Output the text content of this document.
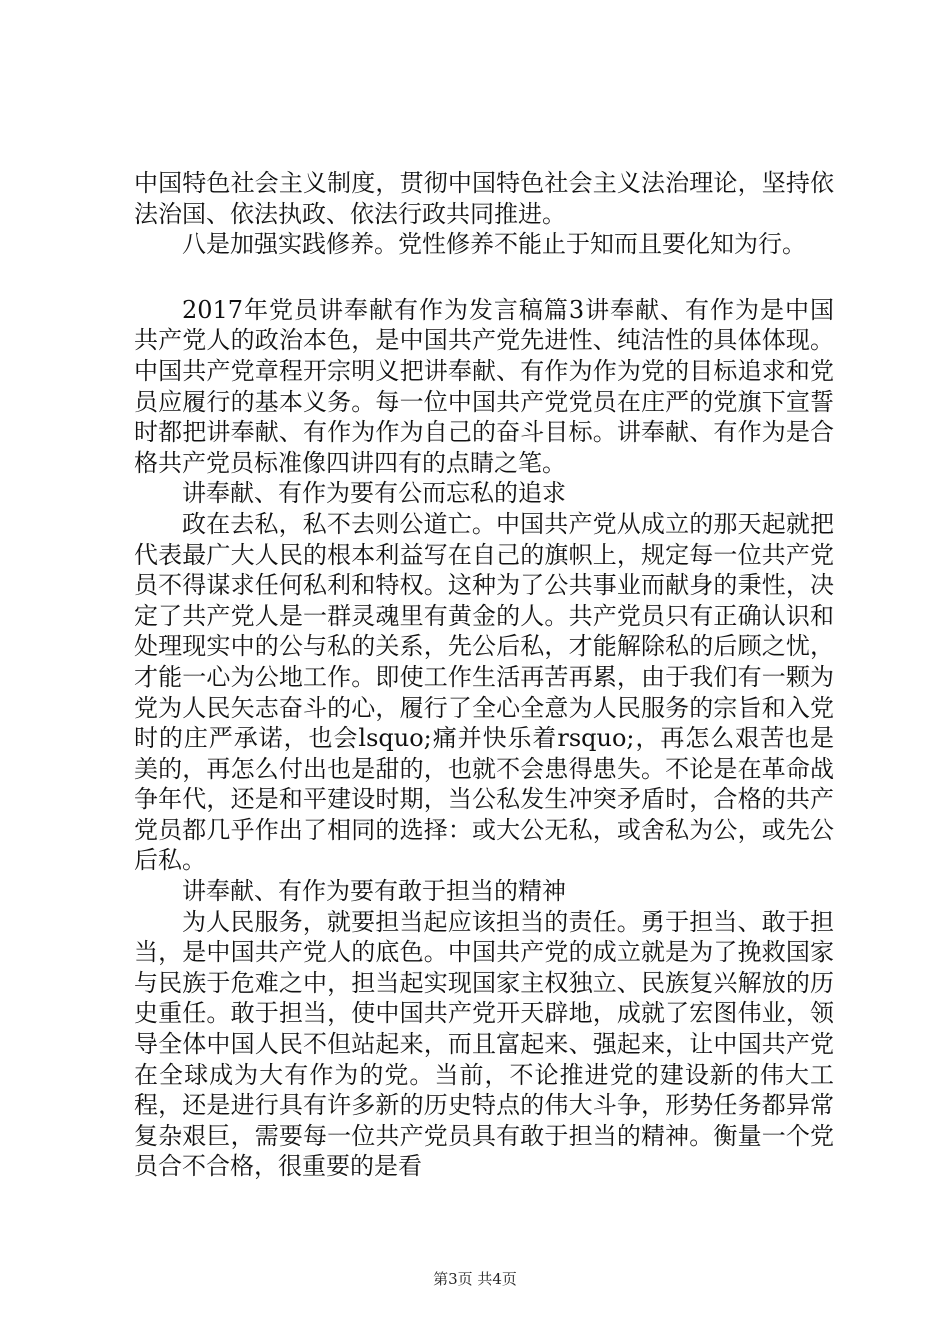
中国特色社会主义制度，贯彻中国特色社会主义法治理论，坚持依法治国、依法执政、依法行政共同推进。

八是加强实践修养。党性修养不能止于知而且要化知为行。

2017年党员讲奉献有作为发言稿篇3讲奉献、有作为是中国共产党人的政治本色，是中国共产党先进性、纯洁性的具体体现。中国共产党章程开宗明义把讲奉献、有作为作为党的目标追求和党员应履行的基本义务。每一位中国共产党党员在庄严的党旗下宣誓时都把讲奉献、有作为作为自己的奋斗目标。讲奉献、有作为是合格共产党员标准像四讲四有的点睛之笔。

讲奉献、有作为要有公而忘私的追求

政在去私，私不去则公道亡。中国共产党从成立的那天起就把代表最广大人民的根本利益写在自己的旗帜上，规定每一位共产党员不得谋求任何私利和特权。这种为了公共事业而献身的秉性，决定了共产党人是一群灵魂里有黄金的人。共产党员只有正确认识和处理现实中的公与私的关系，先公后私，才能解除私的后顾之忧，才能一心为公地工作。即使工作生活再苦再累，由于我们有一颗为党为人民矢志奋斗的心，履行了全心全意为人民服务的宗旨和入党时的庄严承诺，也会lsquo;痛并快乐着rsquo;，再怎么艰苦也是美的，再怎么付出也是甜的，也就不会患得患失。不论是在革命战争年代，还是和平建设时期，当公私发生冲突矛盾时，合格的共产党员都几乎作出了相同的选择：或大公无私，或舍私为公，或先公后私。

讲奉献、有作为要有敢于担当的精神

为人民服务，就要担当起应该担当的责任。勇于担当、敢于担当，是中国共产党人的底色。中国共产党的成立就是为了挽救国家与民族于危难之中，担当起实现国家主权独立、民族复兴解放的历史重任。敢于担当，使中国共产党开天辟地，成就了宏图伟业，领导全体中国人民不但站起来，而且富起来、强起来，让中国共产党在全球成为大有作为的党。当前，不论推进党的建设新的伟大工程，还是进行具有许多新的历史特点的伟大斗争，形势任务都异常复杂艰巨，需要每一位共产党员具有敢于担当的精神。衡量一个党员合不合格，很重要的是看

第3页 共4页
